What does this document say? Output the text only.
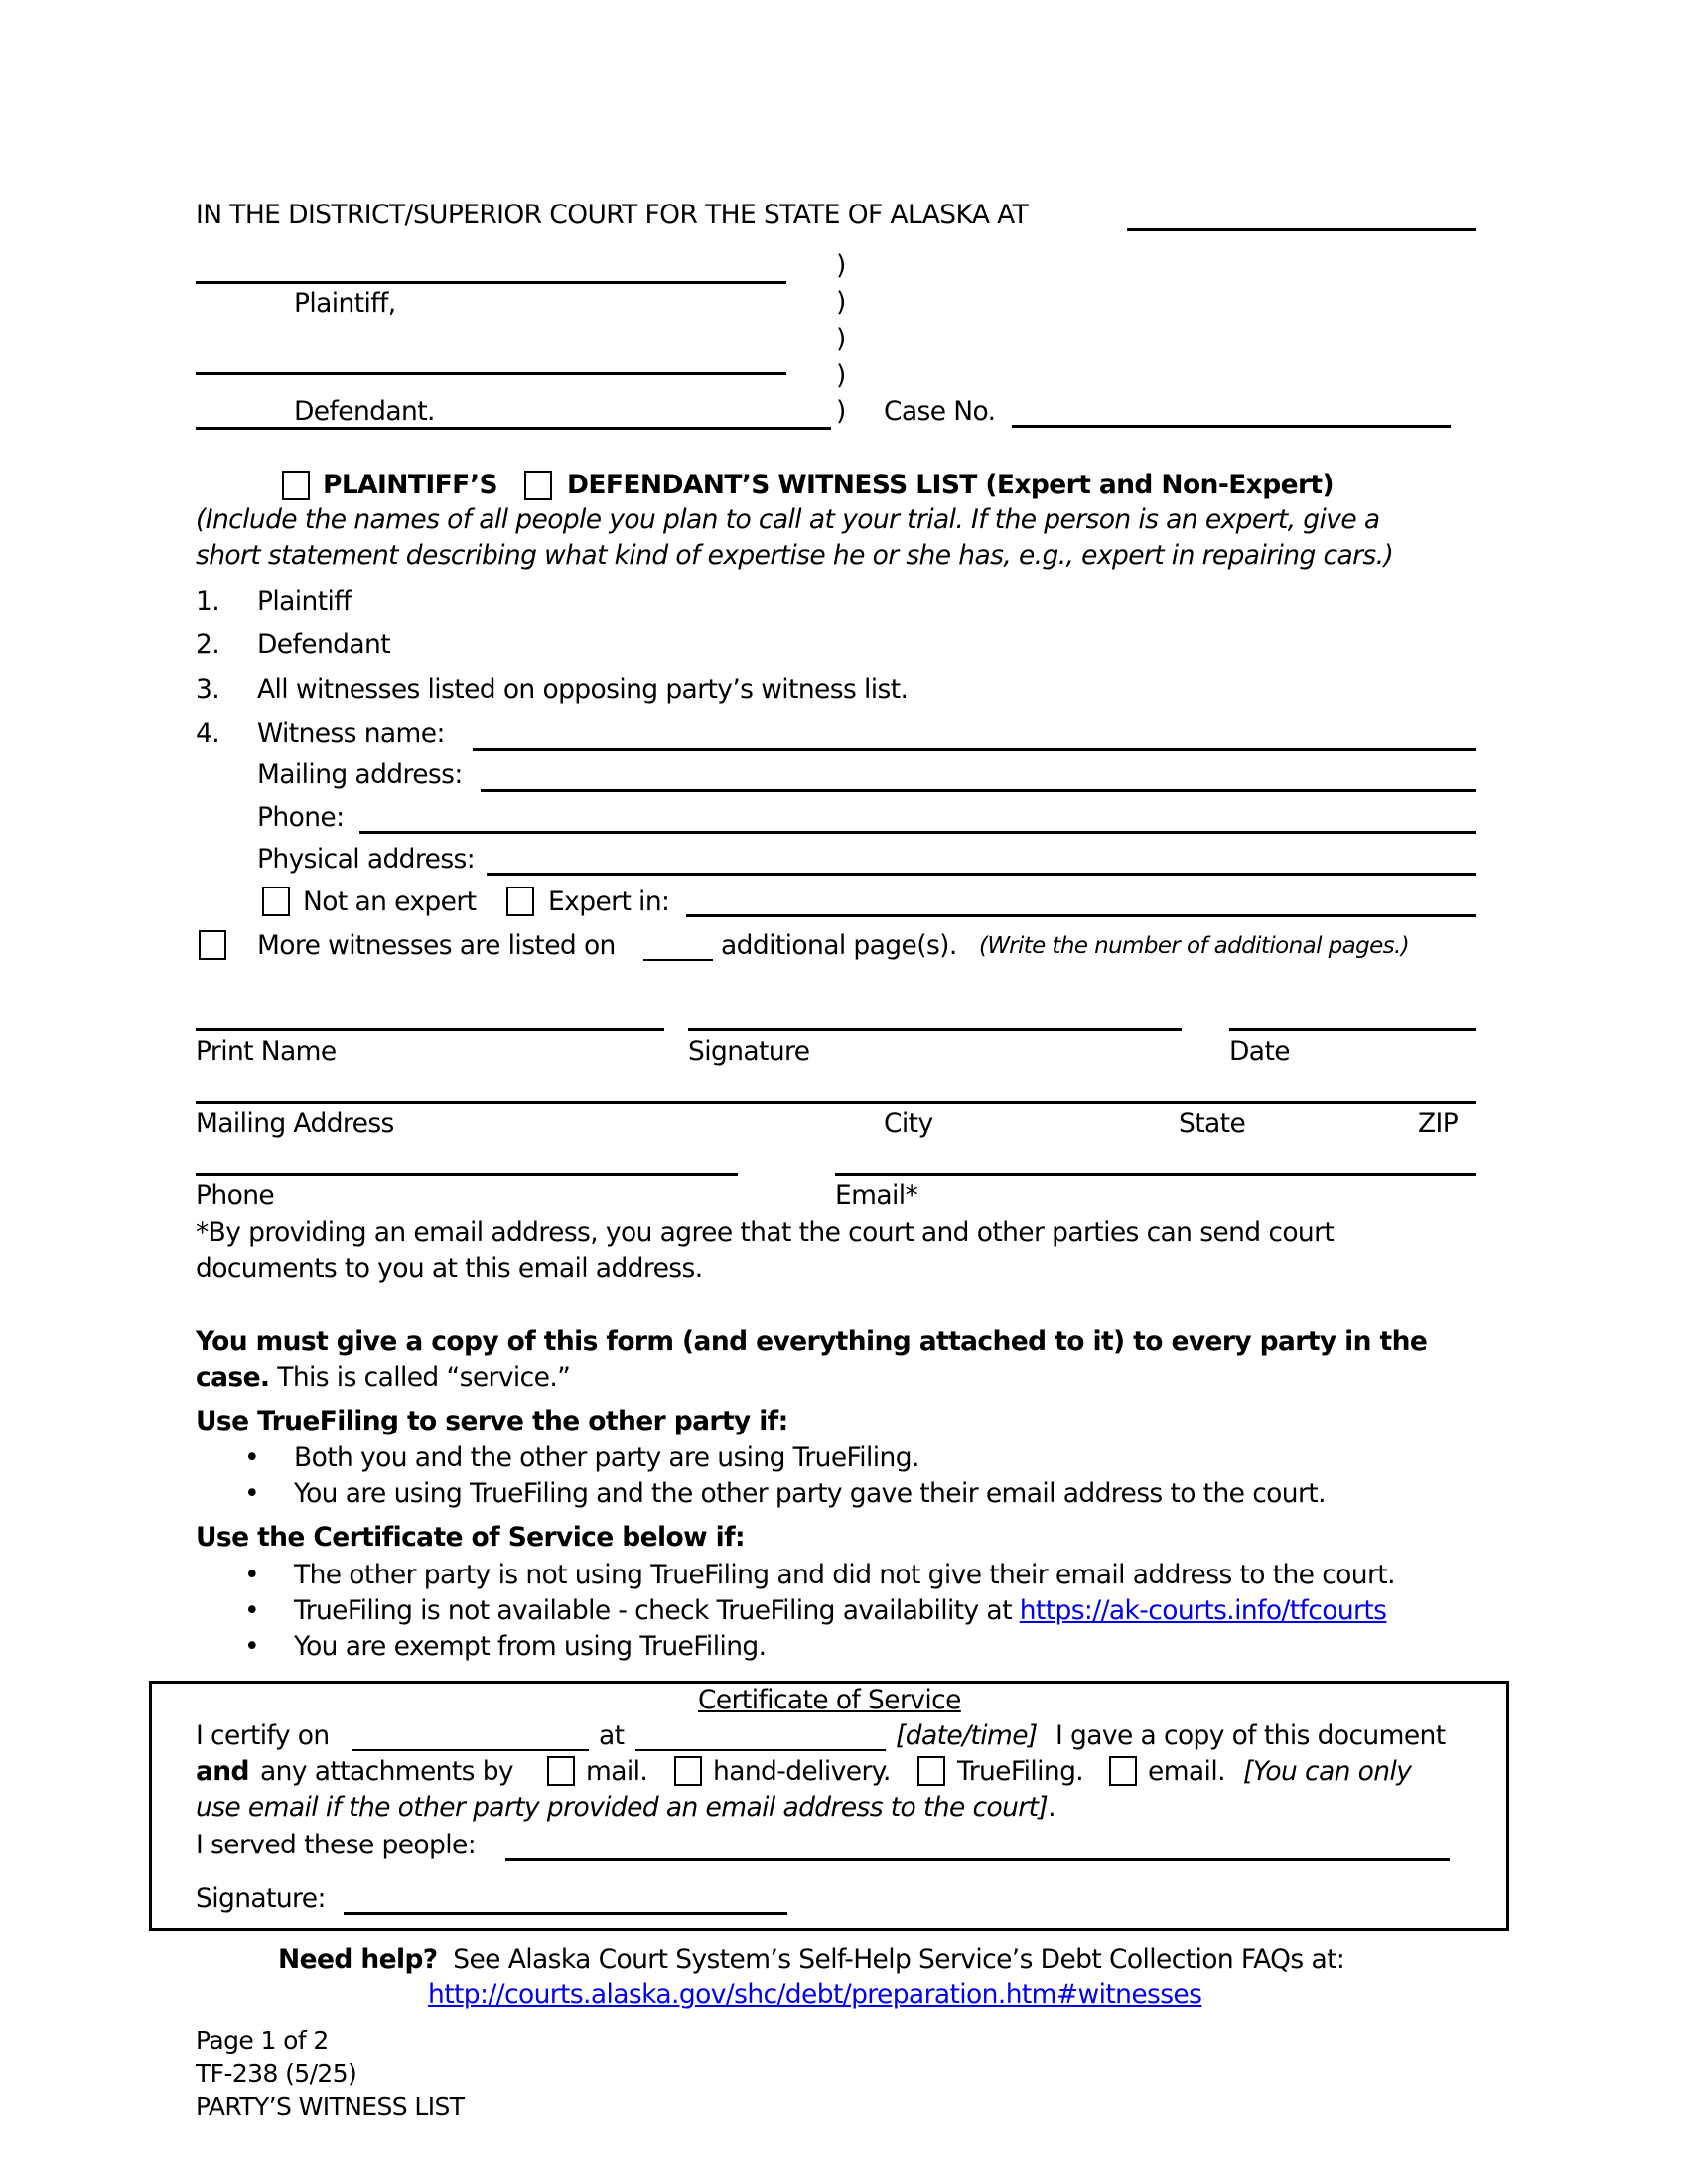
IN THE DISTRICT/SUPERIOR COURT FOR THE STATE OF ALASKA AT
Plaintiff,
Defendant.
)
)
)
)
) Case No.
PLAINTIFF’S	DEFENDANT’S WITNESS LIST (Expert and Non-Expert)
(Include the names of all people you plan to call at your trial. If the person is an expert, give a
short statement describing what kind of expertise he or she has, e.g., expert in repairing cars.)
1. Plaintiff
2. Defendant
3. All witnesses listed on opposing party’s witness list.
4. Witness name:
Mailing address:
Phone:
Physical address:
Not an expert	Expert in:
More witnesses are listed on	additional page(s). (Write the number of additional pages.)
Print Name	Signature	Date
Mailing Address	City	State	ZIP
Phone	Email*
*By providing an email address, you agree that the court and other parties can send court
documents to you at this email address.
You must give a copy of this form (and everything attached to it) to every party in the
case. This is called “service.”
Use TrueFiling to serve the other party if:
• Both you and the other party are using TrueFiling.
• You are using TrueFiling and the other party gave their email address to the court.
Use the Certificate of Service below if:
• The other party is not using TrueFiling and did not give their email address to the court.
• TrueFiling is not available - check TrueFiling availability at https://ak-courts.info/tfcourts
• You are exempt from using TrueFiling.
Certificate of Service
I certify on	at	[date/time] I gave a copy of this document
and any attachments by	mail. hand-delivery.	TrueFiling. email. [You can only
use email if the other party provided an email address to the court].
I served these people:
Signature:
Need help? See Alaska Court System’s Self-Help Service’s Debt Collection FAQs at:
http://courts.alaska.gov/shc/debt/preparation.htm#witnesses
Page 1 of 2
TF-238 (5/25)
PARTY’S WITNESS LIST
